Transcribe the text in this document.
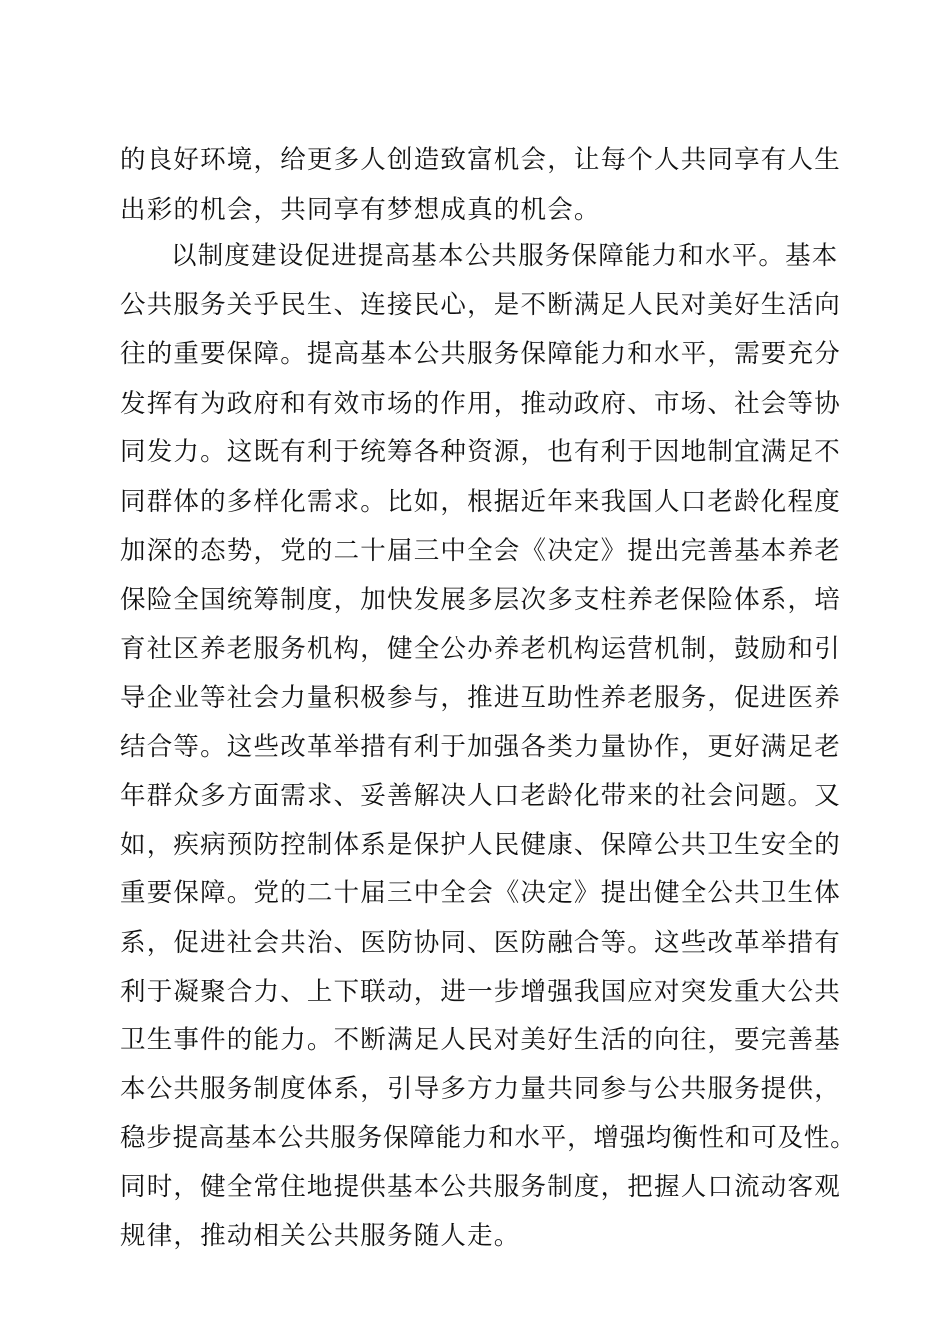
的良好环境，给更多人创造致富机会，让每个人共同享有人生
出彩的机会，共同享有梦想成真的机会。
以制度建设促进提高基本公共服务保障能力和水平。基本
公共服务关乎民生、连接民心，是不断满足人民对美好生活向
往的重要保障。提高基本公共服务保障能力和水平，需要充分
发挥有为政府和有效市场的作用，推动政府、市场、社会等协
同发力。这既有利于统筹各种资源，也有利于因地制宜满足不
同群体的多样化需求。比如，根据近年来我国人口老龄化程度
加深的态势，党的二十届三中全会《决定》提出完善基本养老
保险全国统筹制度，加快发展多层次多支柱养老保险体系，培
育社区养老服务机构，健全公办养老机构运营机制，鼓励和引
导企业等社会力量积极参与，推进互助性养老服务，促进医养
结合等。这些改革举措有利于加强各类力量协作，更好满足老
年群众多方面需求、妥善解决人口老龄化带来的社会问题。又
如，疾病预防控制体系是保护人民健康、保障公共卫生安全的
重要保障。党的二十届三中全会《决定》提出健全公共卫生体
系，促进社会共治、医防协同、医防融合等。这些改革举措有
利于凝聚合力、上下联动，进一步增强我国应对突发重大公共
卫生事件的能力。不断满足人民对美好生活的向往，要完善基
本公共服务制度体系，引导多方力量共同参与公共服务提供，
稳步提高基本公共服务保障能力和水平，增强均衡性和可及性。
同时，健全常住地提供基本公共服务制度，把握人口流动客观
规律，推动相关公共服务随人走。
